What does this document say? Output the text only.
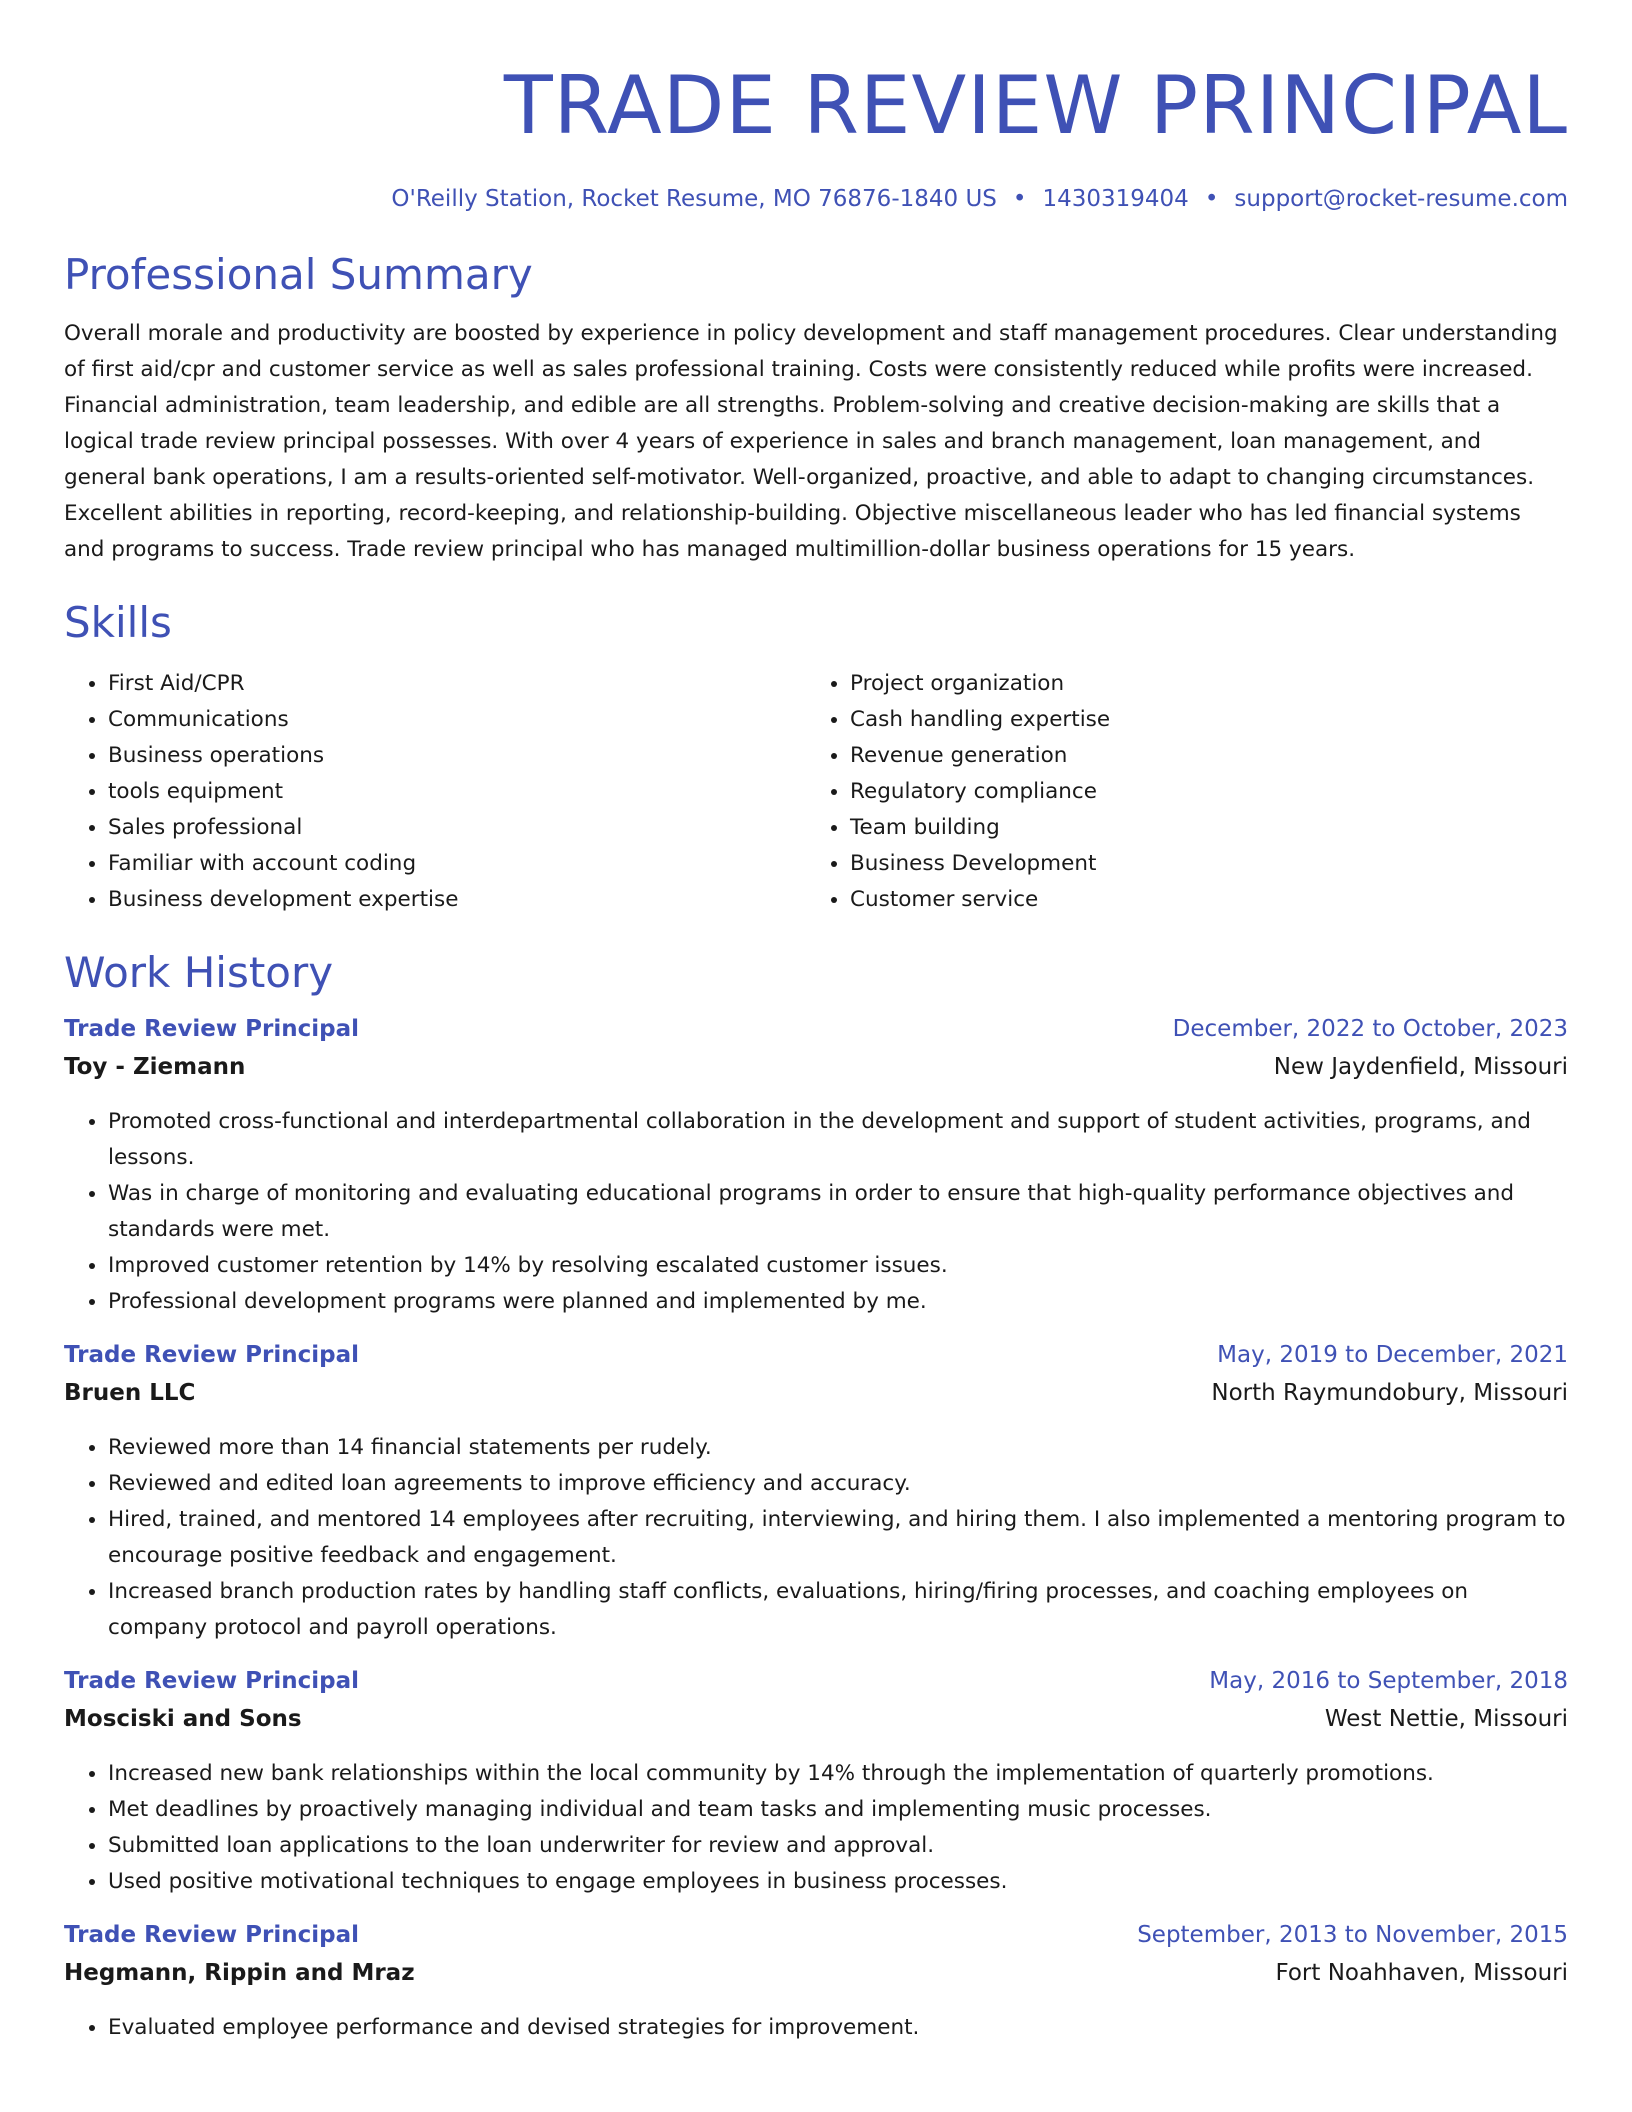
TRADE REVIEW PRINCIPAL
O'Reilly Station, Rocket Resume, MO 76876-1840 US • 1430319404 • support@rocket-resume.com
Professional Summary

Overall morale and productivity are boosted by experience in policy development and staff management procedures. Clear understanding of first aid/cpr and customer service as well as sales professional training. Costs were consistently reduced while profits were increased. Financial administration, team leadership, and edible are all strengths. Problem-solving and creative decision-making are skills that a logical trade review principal possesses. With over 4 years of experience in sales and branch management, loan management, and general bank operations, I am a results-oriented self-motivator. Well-organized, proactive, and able to adapt to changing circumstances. Excellent abilities in reporting, record-keeping, and relationship-building. Objective miscellaneous leader who has led financial systems and programs to success. Trade review principal who has managed multimillion-dollar business operations for 15 years.

Skills
• First Aid/CPR
• Communications
• Business operations
• tools equipment
• Sales professional
• Familiar with account coding
• Business development expertise
• Project organization
• Cash handling expertise
• Revenue generation
• Regulatory compliance
• Team building
• Business Development
• Customer service
Work History
Trade Review Principal	December, 2022 to October, 2023
Toy - Ziemann	New Jaydenfield, Missouri
• Promoted cross-functional and interdepartmental collaboration in the development and support of student activities, programs, and lessons.
• Was in charge of monitoring and evaluating educational programs in order to ensure that high-quality performance objectives and standards were met.
• Improved customer retention by 14% by resolving escalated customer issues.
• Professional development programs were planned and implemented by me.
Trade Review Principal	May, 2019 to December, 2021
Bruen LLC	North Raymundobury, Missouri
• Reviewed more than 14 financial statements per rudely.
• Reviewed and edited loan agreements to improve efficiency and accuracy.
• Hired, trained, and mentored 14 employees after recruiting, interviewing, and hiring them. I also implemented a mentoring program to encourage positive feedback and engagement.
• Increased branch production rates by handling staff conflicts, evaluations, hiring/firing processes, and coaching employees on company protocol and payroll operations.
Trade Review Principal	May, 2016 to September, 2018
Mosciski and Sons	West Nettie, Missouri
• Increased new bank relationships within the local community by 14% through the implementation of quarterly promotions.
• Met deadlines by proactively managing individual and team tasks and implementing music processes.
• Submitted loan applications to the loan underwriter for review and approval.
• Used positive motivational techniques to engage employees in business processes.
Trade Review Principal	September, 2013 to November, 2015
Hegmann, Rippin and Mraz	Fort Noahhaven, Missouri
• Evaluated employee performance and devised strategies for improvement.
